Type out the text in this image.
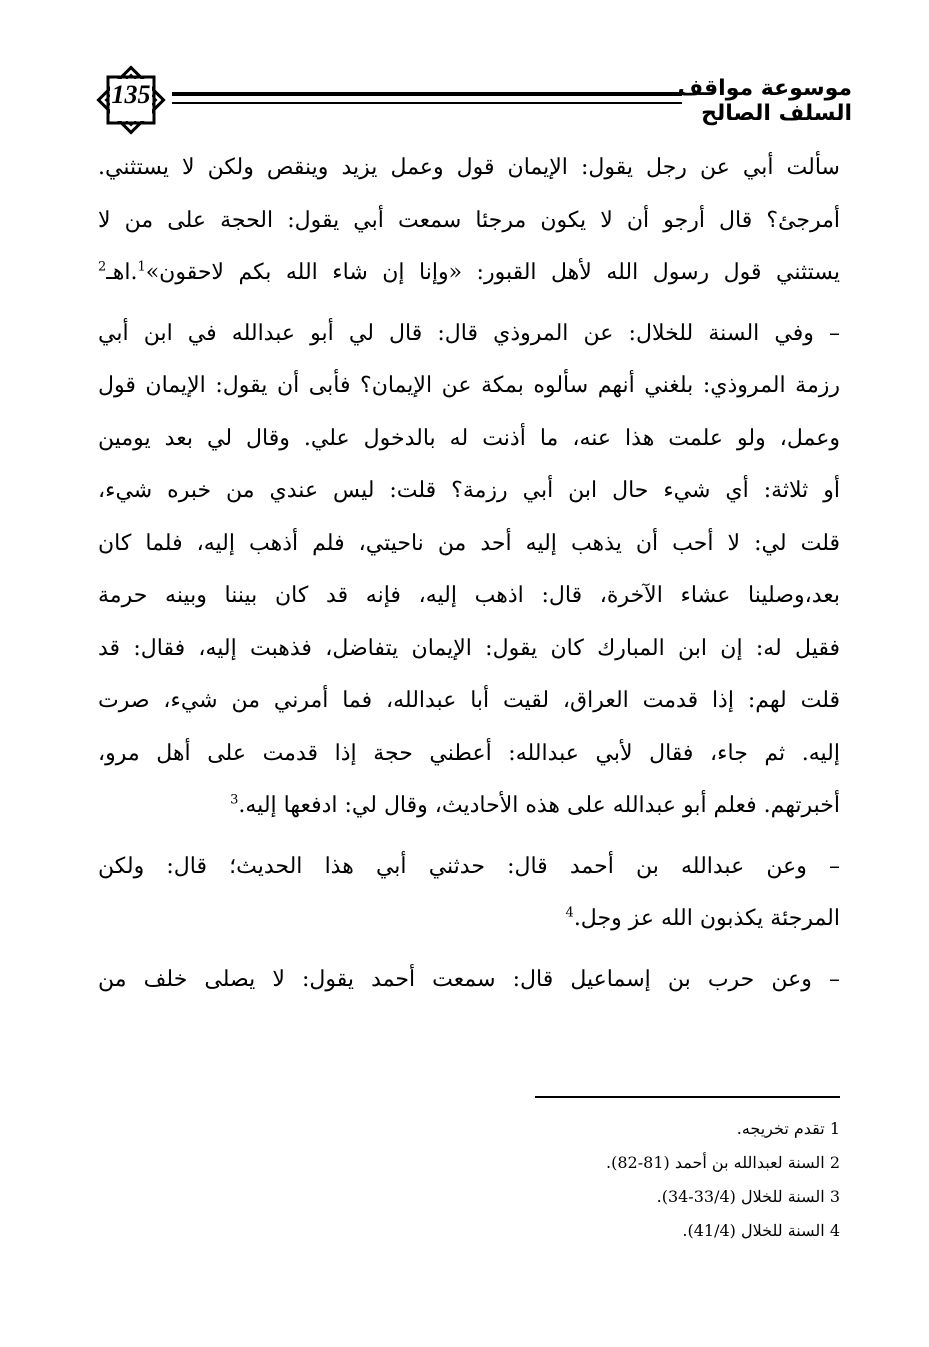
135	موسوعة مواقف السلف الصالح
سألت أبي عن رجل يقول: الإيمان قول وعمل يزيد وينقص ولكن لا يستثني.
أمرجئ؟ قال أرجو أن لا يكون مرجئا سمعت أبي يقول: الحجة على من لا
يستثني قول رسول الله لأهل القبور: «وإنا إن شاء الله بكم لاحقون»$^1$.اهـ$^2$
– وفي السنة للخلال: عن المروذي قال: قال لي أبو عبدالله في ابن أبي
رزمة المروذي: بلغني أنهم سألوه بمكة عن الإيمان؟ فأبى أن يقول: الإيمان قول
وعمل، ولو علمت هذا عنه، ما أذنت له بالدخول علي. وقال لي بعد يومين
أو ثلاثة: أي شيء حال ابن أبي رزمة؟ قلت: ليس عندي من خبره شيء،
قلت لي: لا أحب أن يذهب إليه أحد من ناحيتي، فلم أذهب إليه، فلما كان
بعد،وصلينا عشاء الآخرة، قال: اذهب إليه، فإنه قد كان بيننا وبينه حرمة
فقيل له: إن ابن المبارك كان يقول: الإيمان يتفاضل، فذهبت إليه، فقال: قد
قلت لهم: إذا قدمت العراق، لقيت أبا عبدالله، فما أمرني من شيء، صرت
إليه. ثم جاء، فقال لأبي عبدالله: أعطني حجة إذا قدمت على أهل مرو،
أخبرتهم. فعلم أبو عبدالله على هذه الأحاديث، وقال لي: ادفعها إليه.$^3$
– وعن عبدالله بن أحمد قال: حدثني أبي هذا الحديث؛ قال: ولكن
المرجئة يكذبون الله عز وجل.$^4$
– وعن حرب بن إسماعيل قال: سمعت أحمد يقول: لا يصلى خلف من
1 تقدم تخريجه.
2 السنة لعبدالله بن أحمد (81-82).
3 السنة للخلال (33/4-34).
4 السنة للخلال (41/4).
